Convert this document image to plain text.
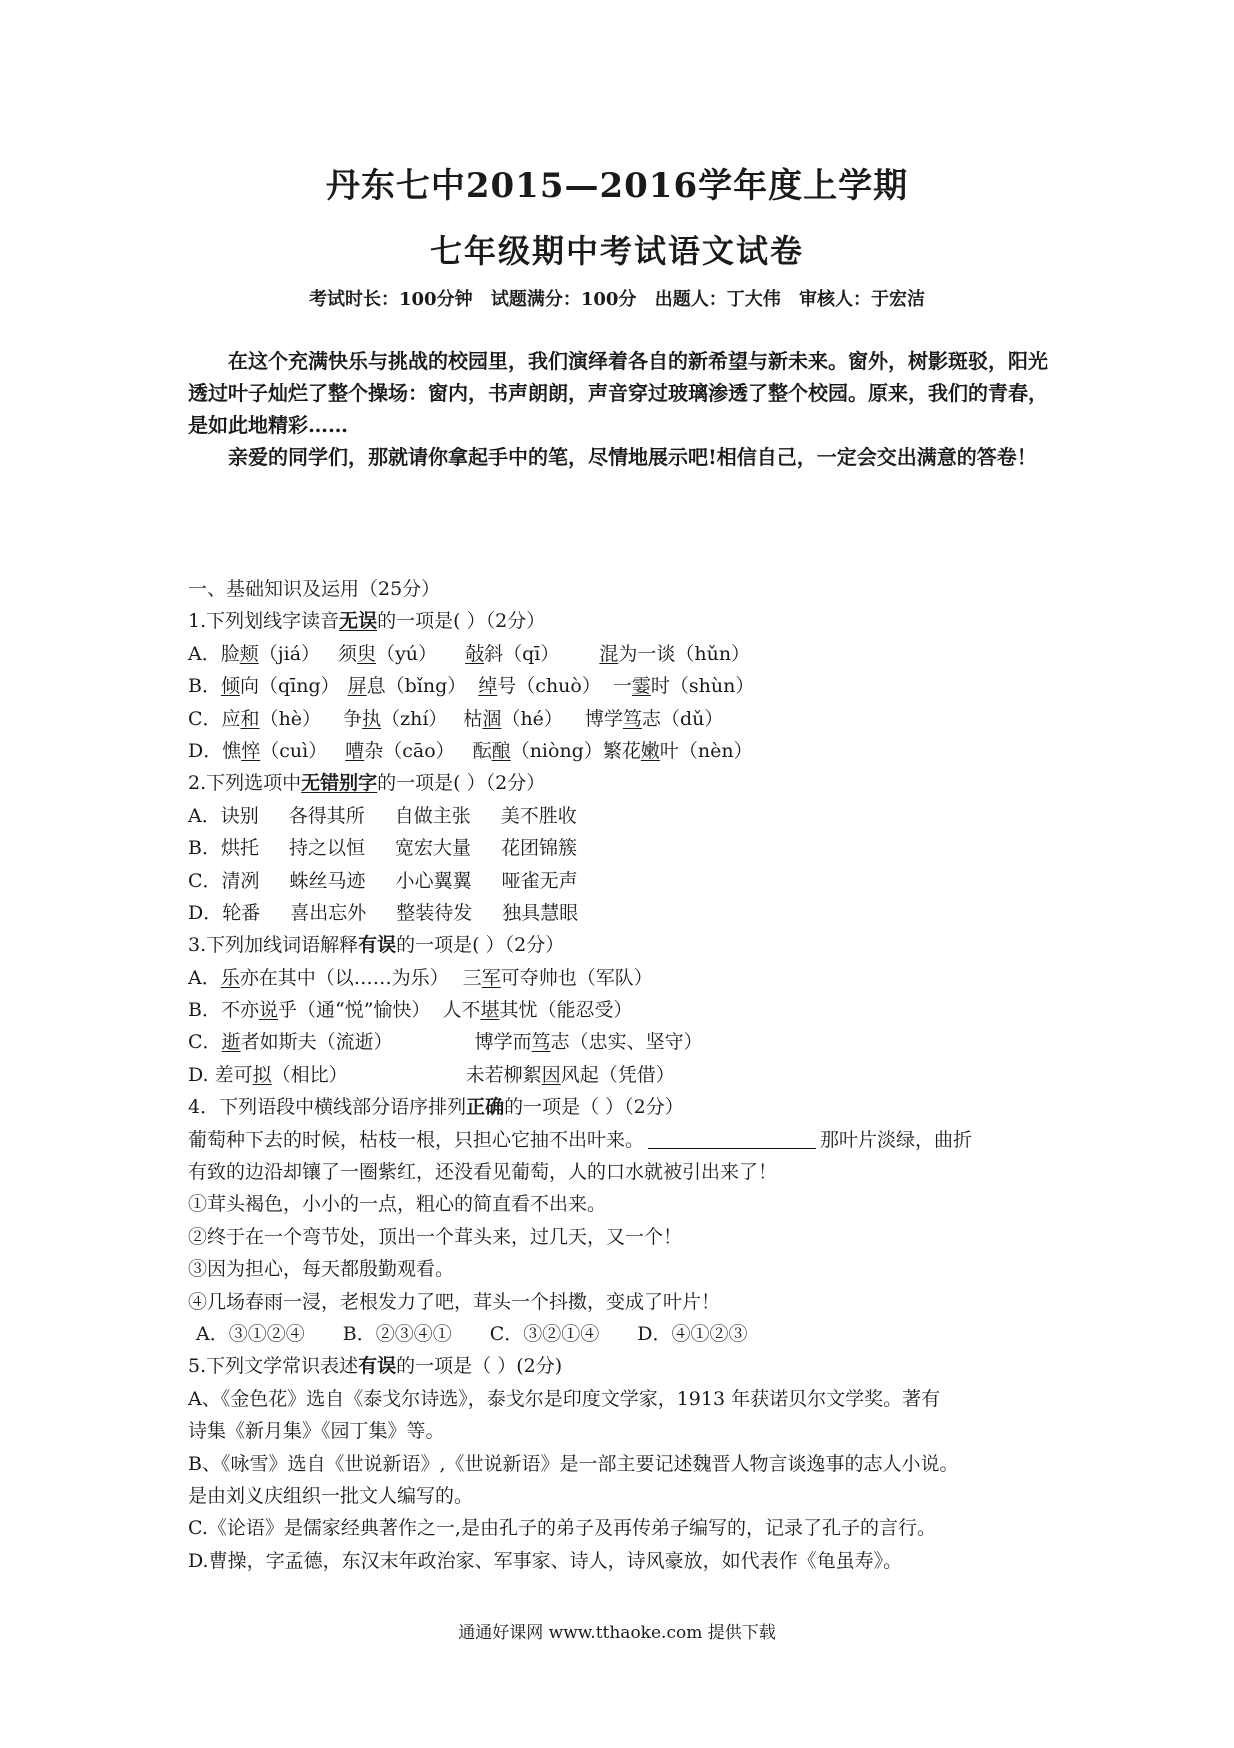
丹东七中2015—2016学年度上学期
七年级期中考试语文试卷
考试时长：100分钟 试题满分：100分 出题人：丁大伟 审核人：于宏洁

在这个充满快乐与挑战的校园里，我们演绎着各自的新希望与新未来。窗外，树影斑驳，阳光透过叶子灿烂了整个操场：窗内，书声朗朗，声音穿过玻璃渗透了整个校园。原来，我们的青春，是如此地精彩……

亲爱的同学们，那就请你拿起手中的笔，尽情地展示吧!相信自己，一定会交出满意的答卷！

一、基础知识及运用（25分）
1.下列划线字读音无误的一项是( ）（2分）
A．脸颊（jiá） 须臾（yú） 敧斜（qī） 混为一谈（hǔn）
B．倾向（qīng） 屏息（bǐng） 绰号（chuò） 一霎时（shùn）
C．应和（hè） 争执（zhí） 枯涸（hé） 博学笃志（dǔ）
D．憔悴（cuì） 嘈杂（cāo） 酝酿（niòng）繁花嫩叶（nèn）
2.下列选项中无错别字的一项是( ）（2分）
A．诀别 各得其所 自做主张 美不胜收
B．烘托 持之以恒 宽宏大量 花团锦簇
C．清冽 蛛丝马迹 小心翼翼 哑雀无声
D．轮番 喜出忘外 整装待发 独具慧眼
3.下列加线词语解释有误的一项是( ）（2分）
A．乐亦在其中（以……为乐） 三军可夺帅也（军队）
B．不亦说乎（通“悦”愉快） 人不堪其忧（能忍受）
C．逝者如斯夫（流逝）	博学而笃志（忠实、坚守）
D. 差可拟（相比）	未若柳絮因风起（凭借）
4．下列语段中横线部分语序排列正确的一项是（ ）（2分）
葡萄种下去的时候，枯枝一根，只担心它抽不出叶来。	那叶片淡绿，曲折
有致的边沿却镶了一圈紫红，还没看见葡萄，人的口水就被引出来了！
①茸头褐色，小小的一点，粗心的简直看不出来。
②终于在一个弯节处，顶出一个茸头来，过几天，又一个！
③因为担心，每天都殷勤观看。
④几场春雨一浸，老根发力了吧，茸头一个抖擞，变成了叶片！
A．③①②④ B．②③④① C．③②①④ D．④①②③
5.下列文学常识表述有误的一项是（ ）(2分)
A、《金色花》选自《泰戈尔诗选》，泰戈尔是印度文学家，1913 年获诺贝尔文学奖。著有
诗集《新月集》《园丁集》等。
B、《咏雪》选自《世说新语》,《世说新语》是一部主要记述魏晋人物言谈逸事的志人小说。
是由刘义庆组织一批文人编写的。
C.《论语》是儒家经典著作之一,是由孔子的弟子及再传弟子编写的，记录了孔子的言行。
D.曹操，字孟德，东汉末年政治家、军事家、诗人，诗风豪放，如代表作《龟虽寿》。
通通好课网 www.tthaoke.com 提供下载
